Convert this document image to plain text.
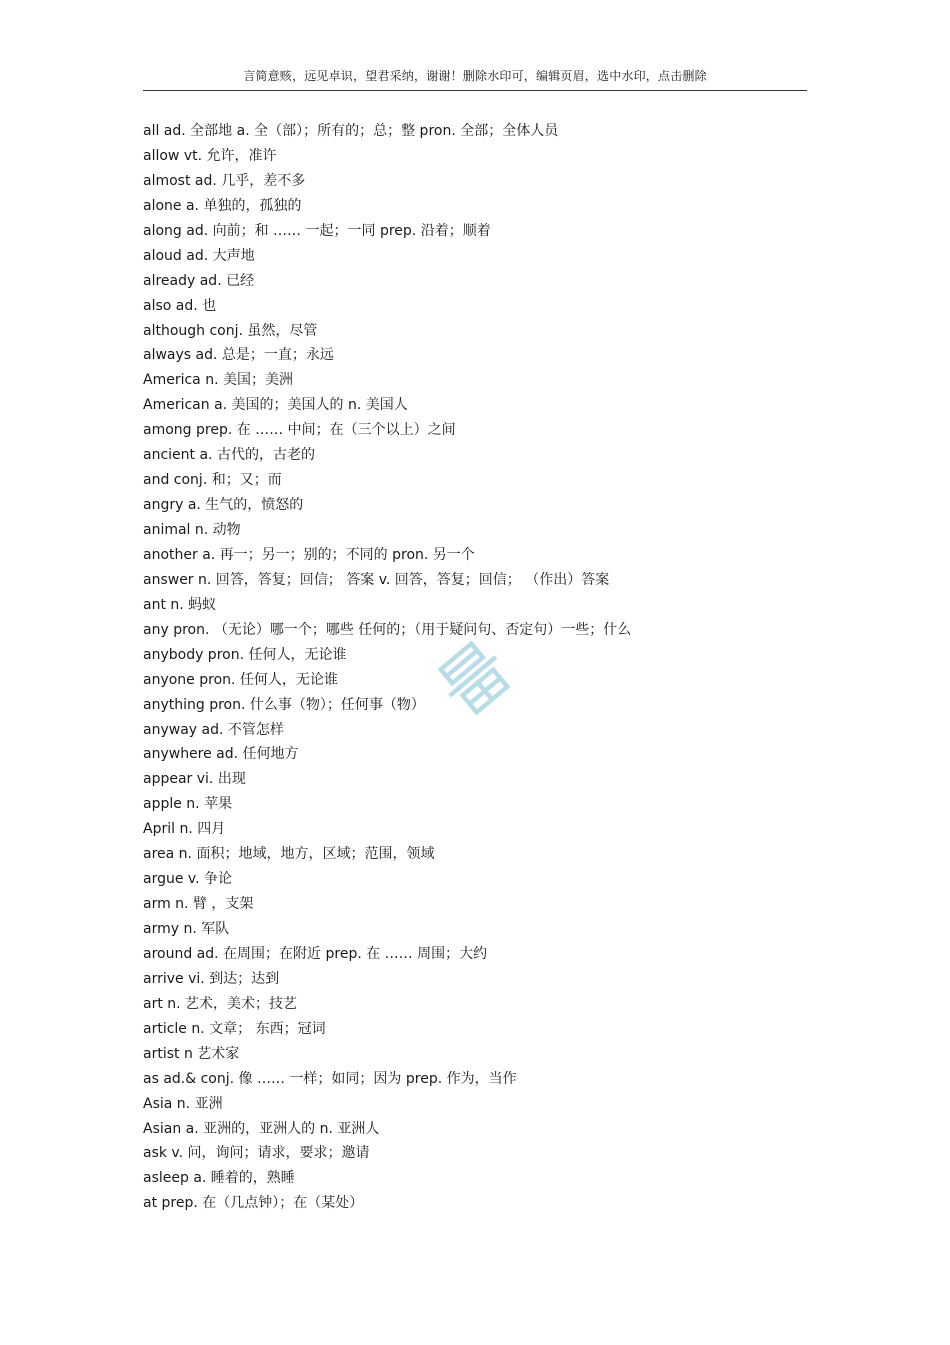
言简意赅，远见卓识，望君采纳，谢谢！删除水印可，编辑页眉，选中水印，点击删除
all ad. 全部地 a. 全（部）；所有的；总；整 pron. 全部；全体人员
allow vt. 允许，准许
almost ad. 几乎，差不多
alone a. 单独的，孤独的
along ad. 向前；和 …… 一起；一同 prep. 沿着；顺着
aloud ad. 大声地
already ad. 已经
also ad. 也
although conj. 虽然，尽管
always ad. 总是；一直；永远
America n. 美国；美洲
American a. 美国的；美国人的 n. 美国人
among prep. 在 …… 中间；在（三个以上）之间
ancient a. 古代的，古老的
and conj. 和；又；而
angry a. 生气的，愤怒的
animal n. 动物
another a. 再一；另一；别的；不同的 pron. 另一个
answer n. 回答，答复；回信； 答案 v. 回答，答复；回信； （作出）答案
ant n. 蚂蚁
any pron. （无论）哪一个；哪些 任何的；（用于疑问句、否定句）一些；什么
anybody pron. 任何人，无论谁
anyone pron. 任何人，无论谁
anything pron. 什么事（物）；任何事（物）
anyway ad. 不管怎样
anywhere ad. 任何地方
appear vi. 出现
apple n. 苹果
April n. 四月
area n. 面积；地域，地方，区域；范围，领域
argue v. 争论
arm n. 臂 ，支架
army n. 军队
around ad. 在周围；在附近 prep. 在 …… 周围；大约
arrive vi. 到达；达到
art n. 艺术，美术；技艺
article n. 文章； 东西；冠词
artist n 艺术家
as ad.& conj. 像 …… 一样；如同；因为 prep. 作为，当作
Asia n. 亚洲
Asian a. 亚洲的，亚洲人的 n. 亚洲人
ask v. 问，询问；请求，要求；邀请
asleep a. 睡着的，熟睡
at prep. 在（几点钟）；在（某处）
